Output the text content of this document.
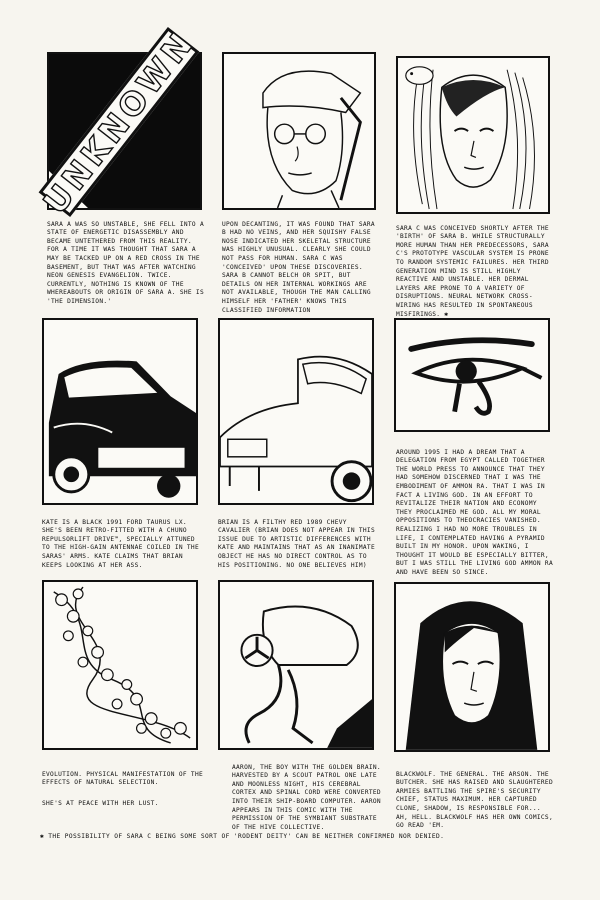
UNKNOWN

SARA A WAS SO UNSTABLE, SHE FELL INTO A STATE OF ENERGETIC DISASSEMBLY AND BECAME UNTETHERED FROM THIS REALITY. FOR A TIME IT WAS THOUGHT THAT SARA A MAY BE TACKED UP ON A RED CROSS IN THE BASEMENT, BUT THAT WAS AFTER WATCHING NEON GENESIS EVANGELION. TWICE. CURRENTLY, NOTHING IS KNOWN OF THE WHEREABOUTS OR ORIGIN OF SARA A. SHE IS 'THE DIMENSION.'

UPON DECANTING, IT WAS FOUND THAT SARA B HAD NO VEINS, AND HER SQUISHY FALSE NOSE INDICATED HER SKELETAL STRUCTURE WAS HIGHLY UNUSUAL. CLEARLY SHE COULD NOT PASS FOR HUMAN. SARA C WAS 'CONCEIVED' UPON THESE DISCOVERIES. SARA B CANNOT BELCH OR SPIT, BUT DETAILS ON HER INTERNAL WORKINGS ARE NOT AVAILABLE, THOUGH THE MAN CALLING HIMSELF HER 'FATHER' KNOWS THIS CLASSIFIED INFORMATION

SARA C WAS CONCEIVED SHORTLY AFTER THE 'BIRTH' OF SARA B. WHILE STRUCTURALLY MORE HUMAN THAN HER PREDECESSORS, SARA C'S PROTOTYPE VASCULAR SYSTEM IS PRONE TO RANDOM SYSTEMIC FAILURES. HER THIRD GENERATION MIND IS STILL HIGHLY REACTIVE AND UNSTABLE. HER DERMAL LAYERS ARE PRONE TO A VARIETY OF DISRUPTIONS. NEURAL NETWORK CROSS-WIRING HAS RESULTED IN SPONTANEOUS MISFIRINGS. ✱

KATE IS A BLACK 1991 FORD TAURUS LX. SHE'S BEEN RETRO-FITTED WITH A CHUNO REPULSORLIFT DRIVE™, SPECIALLY ATTUNED TO THE HIGH-GAIN ANTENNAE COILED IN THE SARAS' ARMS. KATE CLAIMS THAT BRIAN KEEPS LOOKING AT HER ASS.

BRIAN IS A FILTHY RED 1989 CHEVY CAVALIER (BRIAN DOES NOT APPEAR IN THIS ISSUE DUE TO ARTISTIC DIFFERENCES WITH KATE AND MAINTAINS THAT AS AN INANIMATE OBJECT HE HAS NO DIRECT CONTROL AS TO HIS POSITIONING. NO ONE BELIEVES HIM)

AROUND 1995 I HAD A DREAM THAT A DELEGATION FROM EGYPT CALLED TOGETHER THE WORLD PRESS TO ANNOUNCE THAT THEY HAD SOMEHOW DISCERNED THAT I WAS THE EMBODIMENT OF AMMON RA. THAT I WAS IN FACT A LIVING GOD. IN AN EFFORT TO REVITALIZE THEIR NATION AND ECONOMY THEY PROCLAIMED ME GOD. ALL MY MORAL OPPOSITIONS TO THEOCRACIES VANISHED. REALIZING I HAD NO MORE TROUBLES IN LIFE, I CONTEMPLATED HAVING A PYRAMID BUILT IN MY HONOR. UPON WAKING, I THOUGHT IT WOULD BE ESPECIALLY BITTER, BUT I WAS STILL THE LIVING GOD AMMON RA AND HAVE BEEN SO SINCE.

EVOLUTION. PHYSICAL MANIFESTATION OF THE EFFECTS OF NATURAL SELECTION.

SHE'S AT PEACE WITH HER LUST.

AARON, THE BOY WITH THE GOLDEN BRAIN. HARVESTED BY A SCOUT PATROL ONE LATE AND MOONLESS NIGHT, HIS CEREBRAL CORTEX AND SPINAL CORD WERE CONVERTED INTO THEIR SHIP-BOARD COMPUTER. AARON APPEARS IN THIS COMIC WITH THE PERMISSION OF THE SYMBIANT SUBSTRATE OF THE HIVE COLLECTIVE.

BLACKWOLF. THE GENERAL. THE ARSON. THE BUTCHER. SHE HAS RAISED AND SLAUGHTERED ARMIES BATTLING THE SPIRE'S SECURITY CHIEF, STATUS MAXIMUM. HER CAPTURED CLONE, SHADOW, IS RESPONSIBLE FOR... AH, HELL. BLACKWOLF HAS HER OWN COMICS, GO READ 'EM.

✱ THE POSSIBILITY OF SARA C BEING SOME SORT OF 'RODENT DEITY' CAN BE NEITHER CONFIRMED NOR DENIED.
